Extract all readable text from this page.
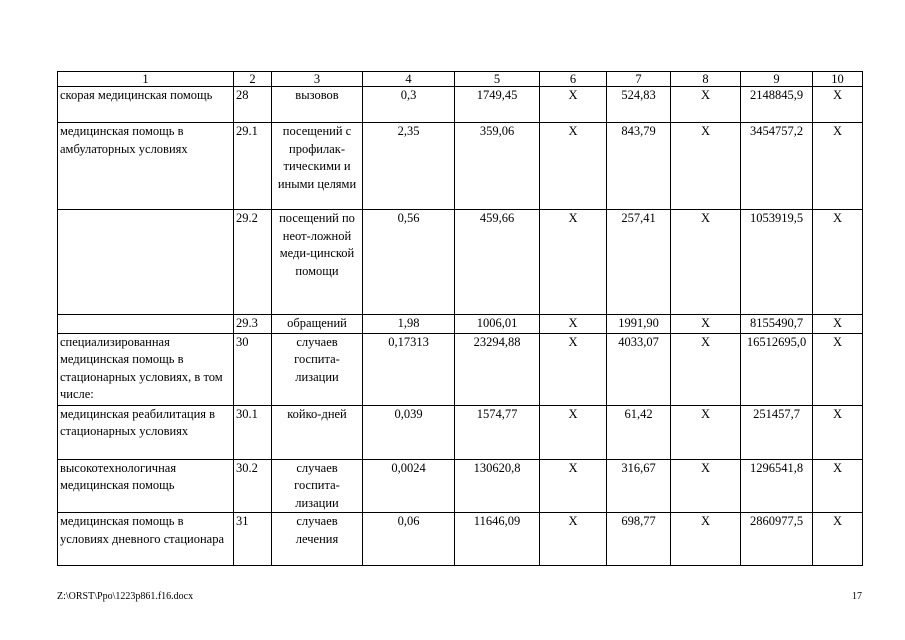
1	2	3	4	5	6	7	8	9	10
скорая медицинская помощь	28	вызовов	0,3	1749,45	X	524,83	X	2148845,9	X
медицинская помощь в амбулаторных условиях	29.1	посещений с профилак-тическими и иными целями	2,35	359,06	X	843,79	X	3454757,2	X
	29.2	посещений по неот-ложной меди-цинской помощи	0,56	459,66	X	257,41	X	1053919,5	X
	29.3	обращений	1,98	1006,01	X	1991,90	X	8155490,7	X
специализированная медицинская помощь в стационарных условиях, в том числе:	30	случаев госпита-лизации	0,17313	23294,88	X	4033,07	X	16512695,0	X
медицинская реабилитация в стационарных условиях	30.1	койко-дней	0,039	1574,77	X	61,42	X	251457,7	X
высокотехнологичная медицинская помощь	30.2	случаев госпита-лизации	0,0024	130620,8	X	316,67	X	1296541,8	X
медицинская помощь в условиях дневного стационара	31	случаев лечения	0,06	11646,09	X	698,77	X	2860977,5	X
Z:\ORST\Ppo\1223p861.f16.docx	17
